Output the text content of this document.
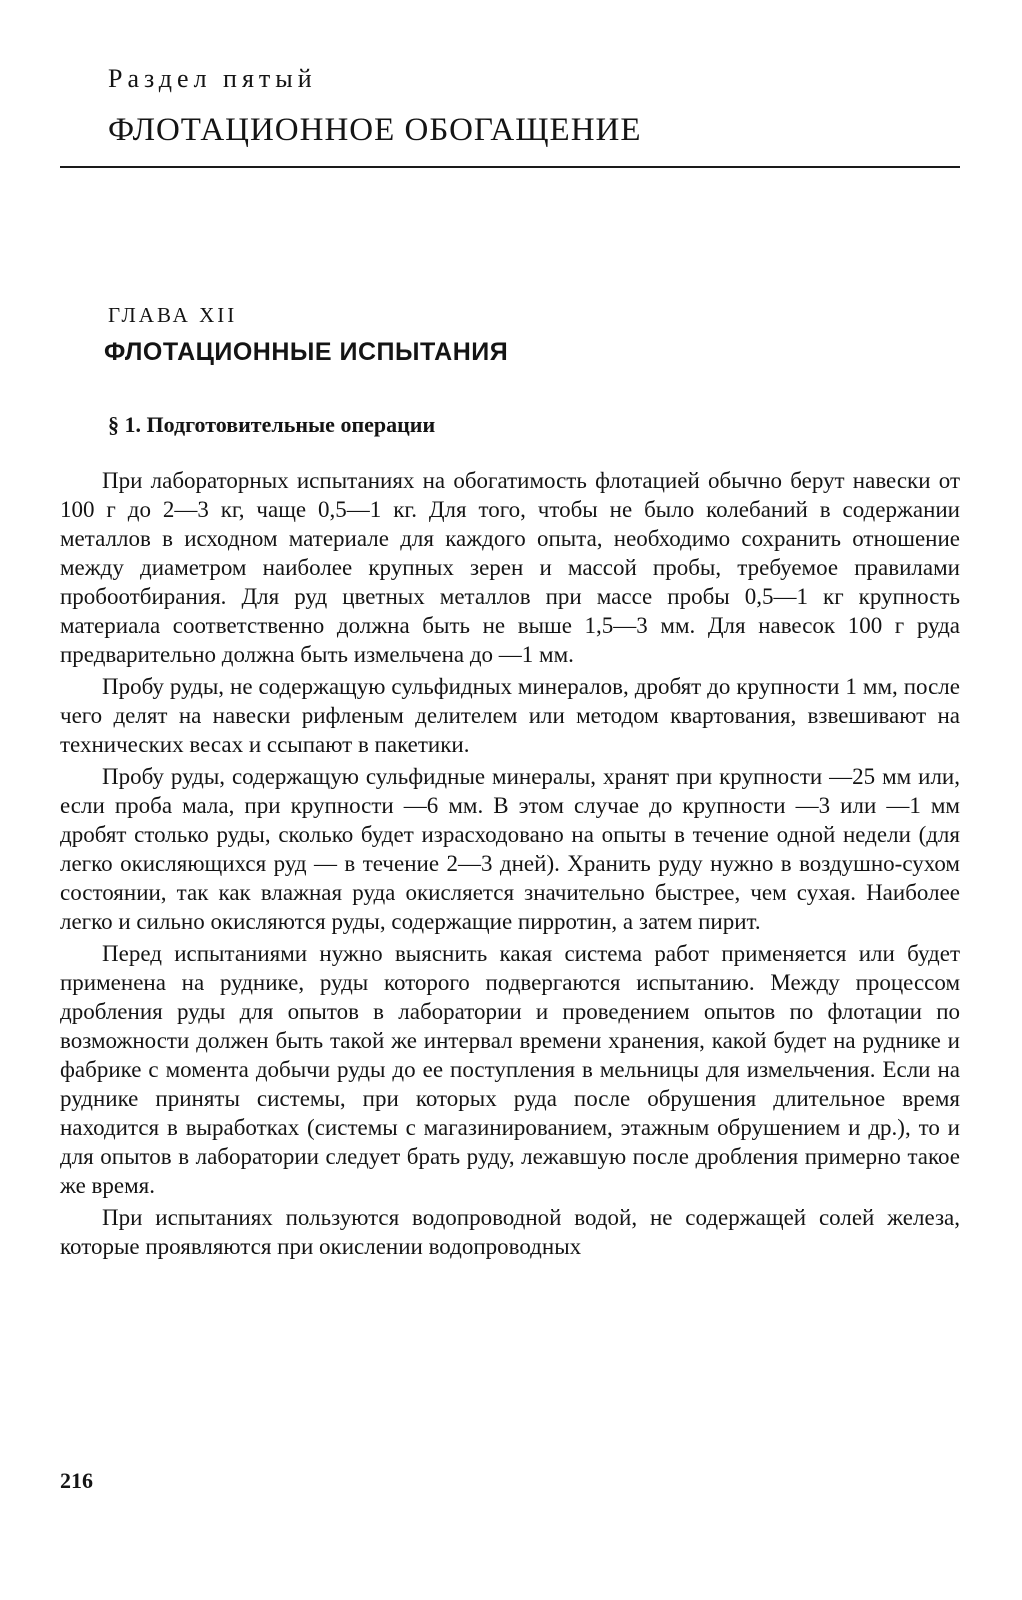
Раздел пятый
ФЛОТАЦИОННОЕ ОБОГАЩЕНИЕ
ГЛАВА XII
ФЛОТАЦИОННЫЕ ИСПЫТАНИЯ
§ 1. Подготовительные операции

При лабораторных испытаниях на обогатимость флотацией обычно берут навески от 100 г до 2—3 кг, чаще 0,5—1 кг. Для того, чтобы не было колебаний в содержании металлов в исходном материале для каждого опыта, необходимо сохранить отношение между диаметром наиболее крупных зерен и массой пробы, требуемое правилами пробоотбирания. Для руд цветных металлов при массе пробы 0,5—1 кг крупность материала соответственно должна быть не выше 1,5—3 мм. Для навесок 100 г руда предварительно должна быть измельчена до —1 мм.

Пробу руды, не содержащую сульфидных минералов, дробят до крупности 1 мм, после чего делят на навески рифленым делителем или методом квартования, взвешивают на технических весах и ссыпают в пакетики.

Пробу руды, содержащую сульфидные минералы, хранят при крупности —25 мм или, если проба мала, при крупности —6 мм. В этом случае до крупности —3 или —1 мм дробят столько руды, сколько будет израсходовано на опыты в течение одной недели (для легко окисляющихся руд — в течение 2—3 дней). Хранить руду нужно в воздушно-сухом состоянии, так как влажная руда окисляется значительно быстрее, чем сухая. Наиболее легко и сильно окисляются руды, содержащие пирротин, а затем пирит.

Перед испытаниями нужно выяснить какая система работ применяется или будет применена на руднике, руды которого подвергаются испытанию. Между процессом дробления руды для опытов в лаборатории и проведением опытов по флотации по возможности должен быть такой же интервал времени хранения, какой будет на руднике и фабрике с момента добычи руды до ее поступления в мельницы для измельчения. Если на руднике приняты системы, при которых руда после обрушения длительное время находится в выработках (системы с магазинированием, этажным обрушением и др.), то и для опытов в лаборатории следует брать руду, лежавшую после дробления примерно такое же время.

При испытаниях пользуются водопроводной водой, не содержащей солей железа, которые проявляются при окислении водопроводных

216
